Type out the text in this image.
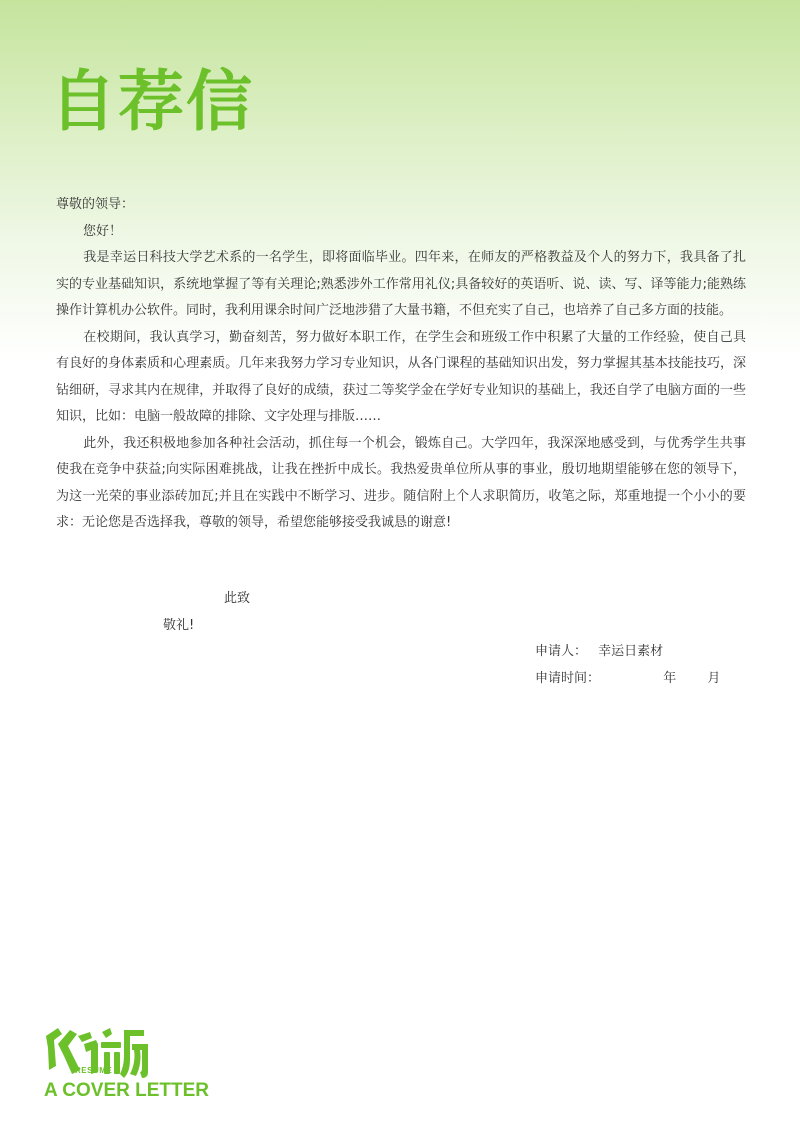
自荐信

尊敬的领导：

您好！

我是幸运日科技大学艺术系的一名学生，即将面临毕业。四年来，在师友的严格教益及个人的努力下，我具备了扎实的专业基础知识，系统地掌握了等有关理论;熟悉涉外工作常用礼仪;具备较好的英语听、说、读、写、译等能力;能熟练操作计算机办公软件。同时，我利用课余时间广泛地涉猎了大量书籍，不但充实了自己，也培养了自己多方面的技能。

在校期间，我认真学习，勤奋刻苦，努力做好本职工作，在学生会和班级工作中积累了大量的工作经验，使自己具有良好的身体素质和心理素质。几年来我努力学习专业知识，从各门课程的基础知识出发，努力掌握其基本技能技巧，深钻细研，寻求其内在规律，并取得了良好的成绩，获过二等奖学金在学好专业知识的基础上，我还自学了电脑方面的一些知识，比如：电脑一般故障的排除、文字处理与排版……

此外，我还积极地参加各种社会活动，抓住每一个机会，锻炼自己。大学四年，我深深地感受到，与优秀学生共事使我在竞争中获益;向实际困难挑战，让我在挫折中成长。我热爱贵单位所从事的事业，殷切地期望能够在您的领导下，为这一光荣的事业添砖加瓦;并且在实践中不断学习、进步。随信附上个人求职简历，收笔之际，郑重地提一个小小的要求：无论您是否选择我，尊敬的领导，希望您能够接受我诚恳的谢意!

此致
敬礼!
申请人： 幸运日素材
申请时间：	年 月
RESUME
A COVER LETTER
